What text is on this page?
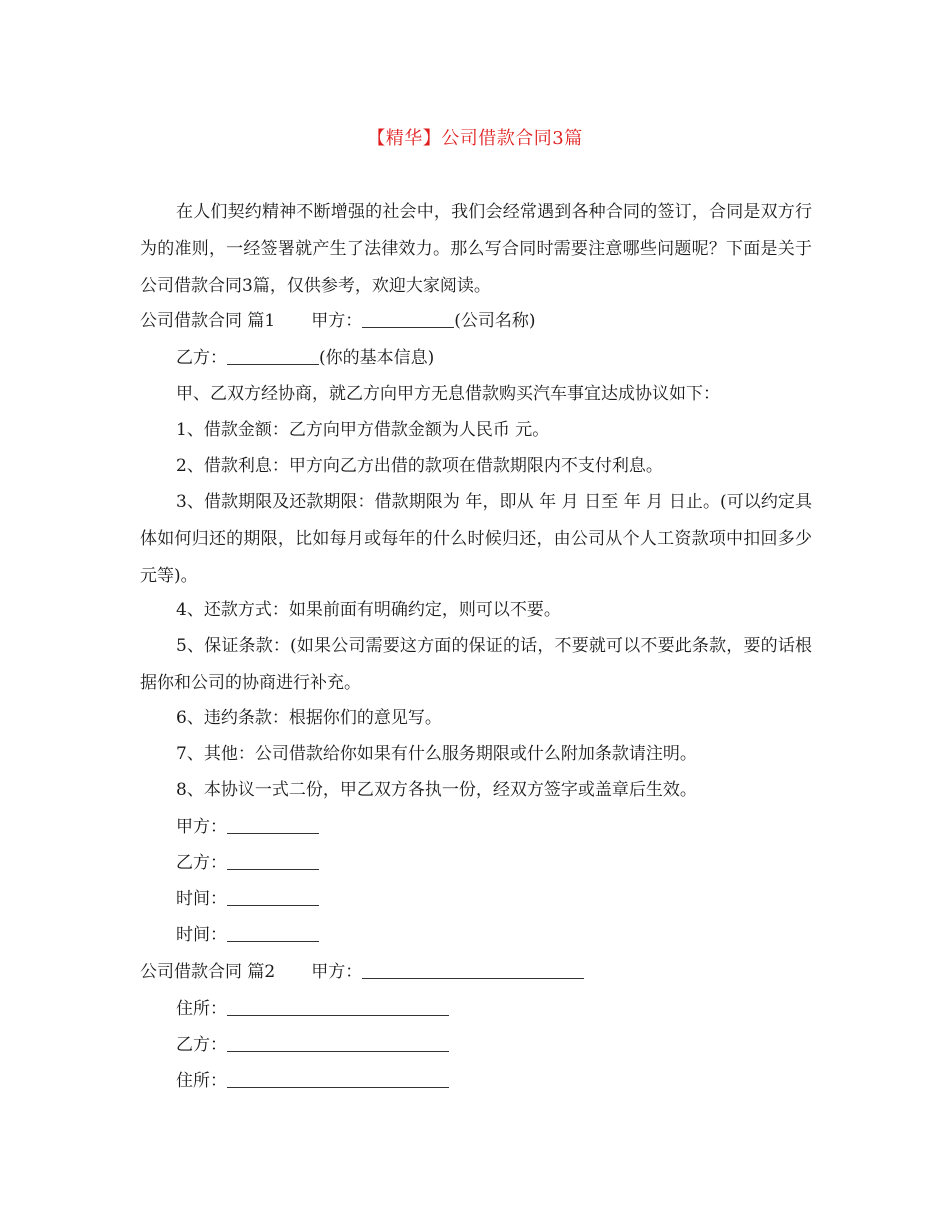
【精华】公司借款合同3篇
在人们契约精神不断增强的社会中，我们会经常遇到各种合同的签订，合同是双方行为的准则，一经签署就产生了法律效力。那么写合同时需要注意哪些问题呢？下面是关于公司借款合同3篇，仅供参考，欢迎大家阅读。
公司借款合同 篇1 甲方：	(公司名称)
乙方：	(你的基本信息)
甲、乙双方经协商，就乙方向甲方无息借款购买汽车事宜达成协议如下：
1、借款金额：乙方向甲方借款金额为人民币 元。
2、借款利息：甲方向乙方出借的款项在借款期限内不支付利息。
3、借款期限及还款期限：借款期限为 年，即从 年 月 日至 年 月 日止。(可以约定具体如何归还的期限，比如每月或每年的什么时候归还，由公司从个人工资款项中扣回多少元等)。
4、还款方式：如果前面有明确约定，则可以不要。
5、保证条款：(如果公司需要这方面的保证的话，不要就可以不要此条款，要的话根据你和公司的协商进行补充。
6、违约条款：根据你们的意见写。
7、其他：公司借款给你如果有什么服务期限或什么附加条款请注明。
8、本协议一式二份，甲乙双方各执一份，经双方签字或盖章后生效。
甲方：
乙方：
时间：
时间：
公司借款合同 篇2 甲方：
住所：
乙方：
住所：
